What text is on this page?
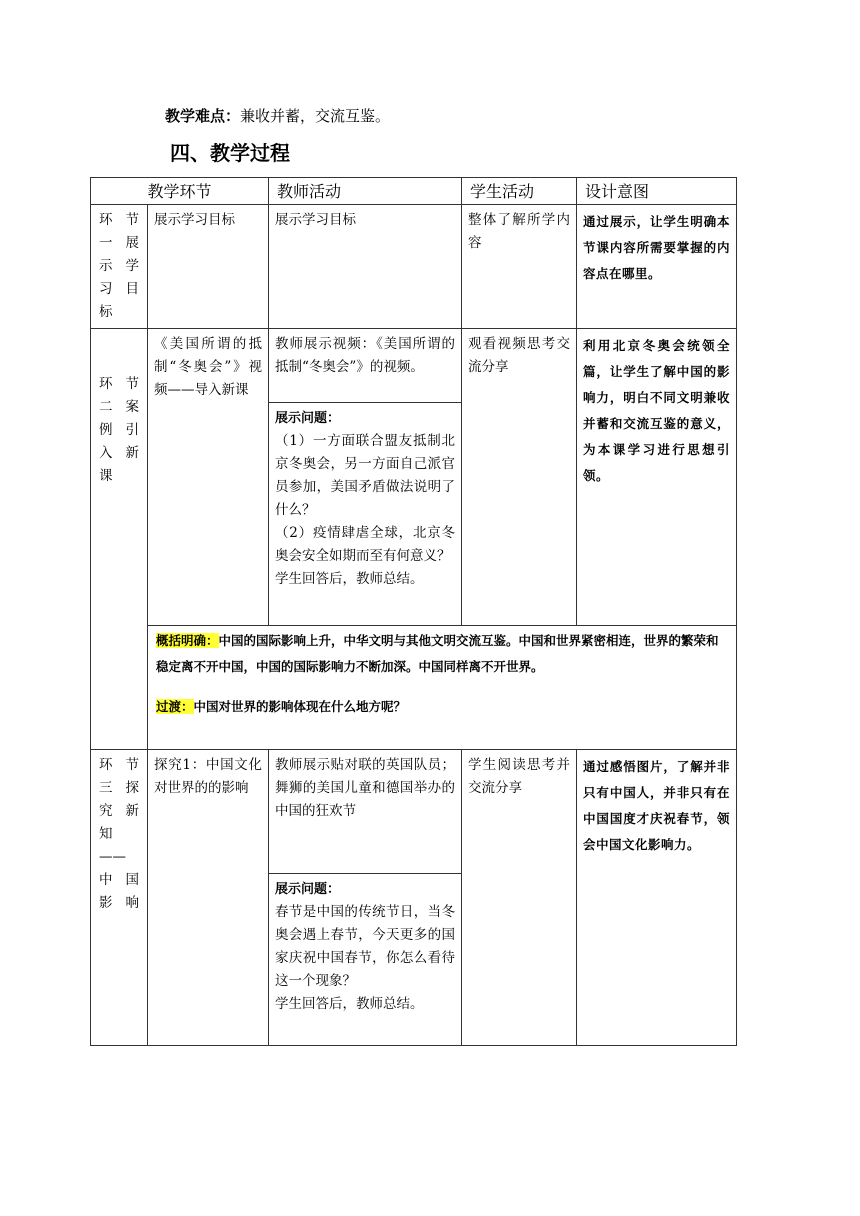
教学难点：兼收并蓄，交流互鉴。
四、教学过程
教学环节		教师活动	学生活动	设计意图
环节一展示学习目标	展示学习目标	展示学习目标	整体了解所学内容	通过展示，让学生明确本节课内容所需要掌握的内容点在哪里。
环节二案例引入新课	《美国所谓的抵制“冬奥会”》视频——导入新课	教师展示视频：《美国所谓的抵制“冬奥会”》的视频。	观看视频思考交流分享	利用北京冬奥会统领全篇，让学生了解中国的影响力，明白不同文明兼收并蓄和交流互鉴的意义，为本课学习进行思想引领。

		展示问题：
（1）一方面联合盟友抵制北京冬奥会，另一方面自己派官员参加，美国矛盾做法说明了什么？
（2）疫情肆虐全球，北京冬奥会安全如期而至有何意义？
学生回答后，教师总结。		

	概括明确：中国的国际影响上升，中华文明与其他文明交流互鉴。中国和世界紧密相连，世界的繁荣和稳定离不开中国，中国的国际影响力不断加深。中国同样离不开世界。
过渡：中国对世界的影响体现在什么地方呢？			

环节三探究新知——中国影响	探究1：中国文化对世界的的影响	教师展示贴对联的英国队员；舞狮的美国儿童和德国举办的中国的狂欢节	学生阅读思考并交流分享	通过感悟图片，了解并非只有中国人，并非只有在中国国度才庆祝春节，领会中国文化影响力。

		展示问题：
春节是中国的传统节日，当冬奥会遇上春节，今天更多的国家庆祝中国春节，你怎么看待这一个现象？
学生回答后，教师总结。		
